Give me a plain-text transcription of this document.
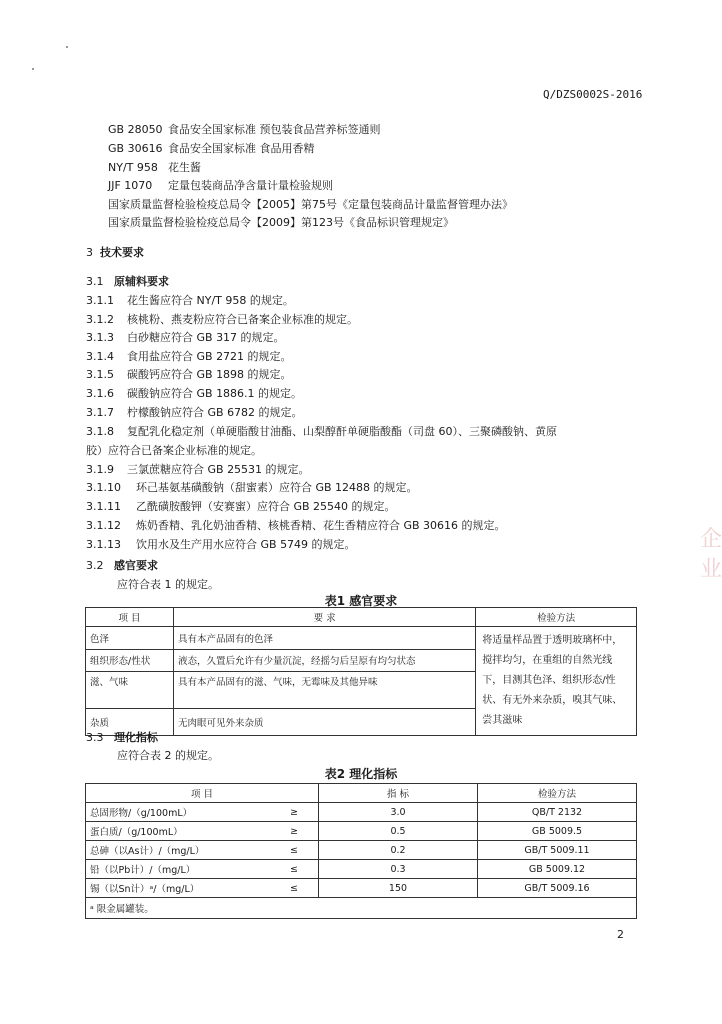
Q/DZS0002S-2016
GB 28050 食品安全国家标准 预包装食品营养标签通则
GB 30616 食品安全国家标准 食品用香精
NY/T 958 花生酱
JJF 1070 定量包装商品净含量计量检验规则
国家质量监督检验检疫总局令【2005】第75号《定量包装商品计量监督管理办法》
国家质量监督检验检疫总局令【2009】第123号《食品标识管理规定》
3 技术要求
3.1 原辅料要求
3.1.1 花生酱应符合 NY/T 958 的规定。
3.1.2 核桃粉、燕麦粉应符合已备案企业标准的规定。
3.1.3 白砂糖应符合 GB 317 的规定。
3.1.4 食用盐应符合 GB 2721 的规定。
3.1.5 碳酸钙应符合 GB 1898 的规定。
3.1.6 碳酸钠应符合 GB 1886.1 的规定。
3.1.7 柠檬酸钠应符合 GB 6782 的规定。
3.1.8 复配乳化稳定剂（单硬脂酸甘油酯、山梨醇酐单硬脂酸酯（司盘 60）、三聚磷酸钠、黄原
胶）应符合已备案企业标准的规定。
3.1.9 三氯蔗糖应符合 GB 25531 的规定。
3.1.10 环己基氨基磺酸钠（甜蜜素）应符合 GB 12488 的规定。
3.1.11 乙酰磺胺酸钾（安赛蜜）应符合 GB 25540 的规定。
3.1.12 炼奶香精、乳化奶油香精、核桃香精、花生香精应符合 GB 30616 的规定。
3.1.13 饮用水及生产用水应符合 GB 5749 的规定。
3.2 感官要求
应符合表 1 的规定。
表1 感官要求
项 目	要 求	检验方法
色泽	具有本产品固有的色泽	将适量样品置于透明玻璃杯中，搅拌均匀，在重组的自然光线下，目测其色泽、组织形态/性状、有无外来杂质，嗅其气味、尝其滋味
组织形态/性状	液态，久置后允许有少量沉淀，经摇匀后呈原有均匀状态	
滋、气味	具有本产品固有的滋、气味，无霉味及其他异味	
杂质	无肉眼可见外来杂质	
3.3 理化指标
应符合表 2 的规定。
表2 理化指标
项 目		指 标	检验方法
总固形物/（g/100mL）	≥	3.0	QB/T 2132
蛋白质/（g/100mL）	≥	0.5	GB 5009.5
总砷（以As计）/（mg/L）	≤	0.2	GB/T 5009.11
铅（以Pb计）/（mg/L）	≤	0.3	GB 5009.12
锡（以Sn计）ᵃ/（mg/L）	≤	150	GB/T 5009.16
ᵃ 限金属罐装。			
2
企
业
